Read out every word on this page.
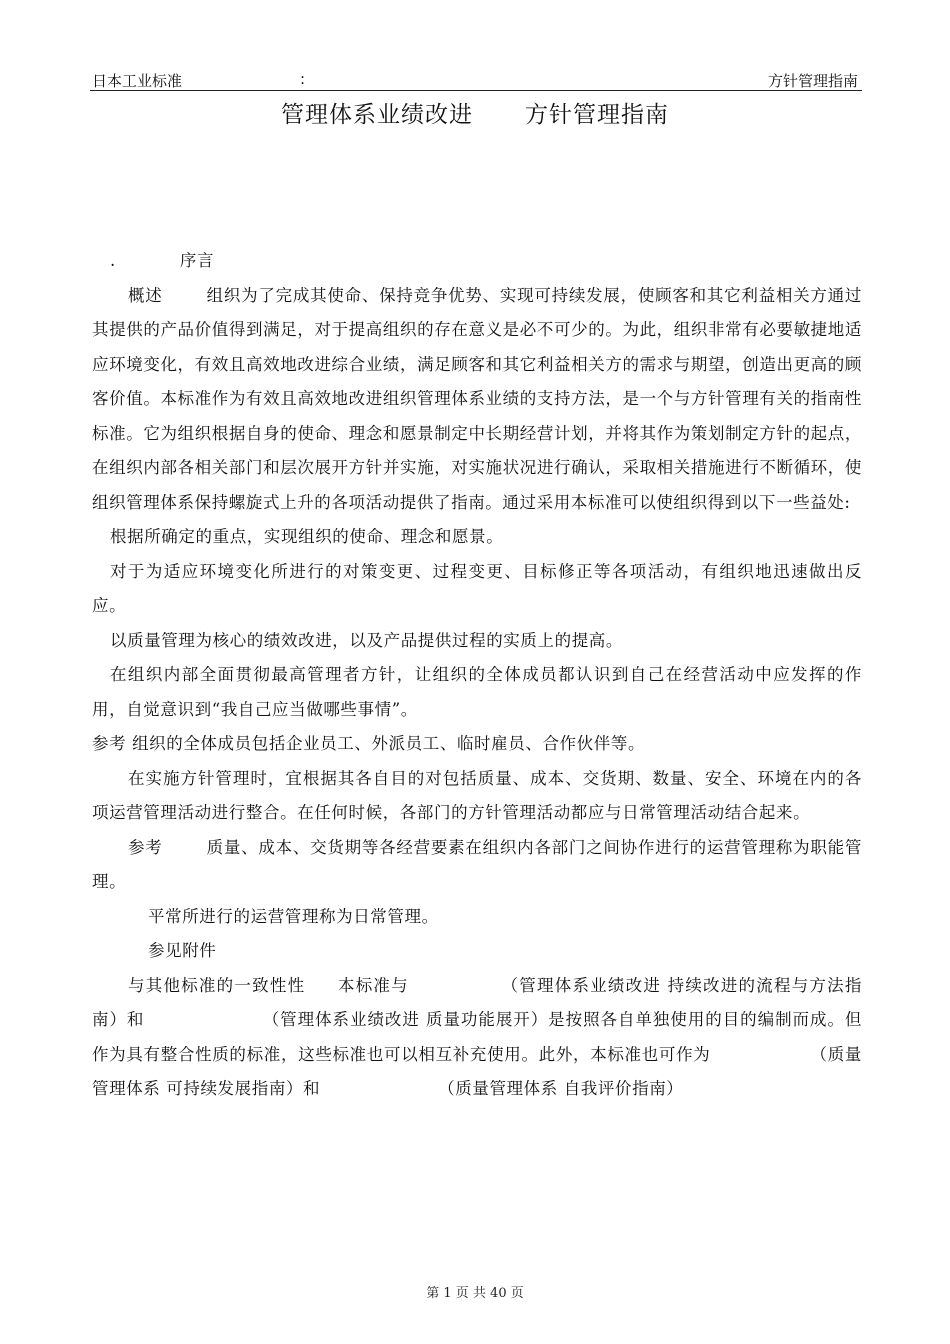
日本工业标准	:	方针管理指南
管理体系业绩改进 方针管理指南

.	序言

概述	组织为了完成其使命、保持竞争优势、实现可持续发展，使顾客和其它利益相关方通过其提供的产品价值得到满足，对于提高组织的存在意义是必不可少的。为此，组织非常有必要敏捷地适应环境变化，有效且高效地改进综合业绩，满足顾客和其它利益相关方的需求与期望，创造出更高的顾客价值。本标准作为有效且高效地改进组织管理体系业绩的支持方法，是一个与方针管理有关的指南性标准。它为组织根据自身的使命、理念和愿景制定中长期经营计划，并将其作为策划制定方针的起点，在组织内部各相关部门和层次展开方针并实施，对实施状况进行确认，采取相关措施进行不断循环，使组织管理体系保持螺旋式上升的各项活动提供了指南。通过采用本标准可以使组织得到以下一些益处:

根据所确定的重点，实现组织的使命、理念和愿景。

对于为适应环境变化所进行的对策变更、过程变更、目标修正等各项活动，有组织地迅速做出反应。

以质量管理为核心的绩效改进，以及产品提供过程的实质上的提高。

在组织内部全面贯彻最高管理者方针，让组织的全体成员都认识到自己在经营活动中应发挥的作用，自觉意识到“我自己应当做哪些事情”。

参考 组织的全体成员包括企业员工、外派员工、临时雇员、合作伙伴等。

在实施方针管理时，宜根据其各自目的对包括质量、成本、交货期、数量、安全、环境在内的各项运营管理活动进行整合。在任何时候，各部门的方针管理活动都应与日常管理活动结合起来。

参考	质量、成本、交货期等各经营要素在组织内各部门之间协作进行的运营管理称为职能管理。

平常所进行的运营管理称为日常管理。

参见附件

与其他标准的一致性性 本标准与	（管理体系业绩改进 持续改进的流程与方法指南）和	（管理体系业绩改进 质量功能展开）是按照各自单独使用的目的编制而成。但作为具有整合性质的标准，这些标准也可以相互补充使用。此外，本标准也可作为	（质量管理体系 可持续发展指南）和	（质量管理体系 自我评价指南）

第 1 页 共 40 页
